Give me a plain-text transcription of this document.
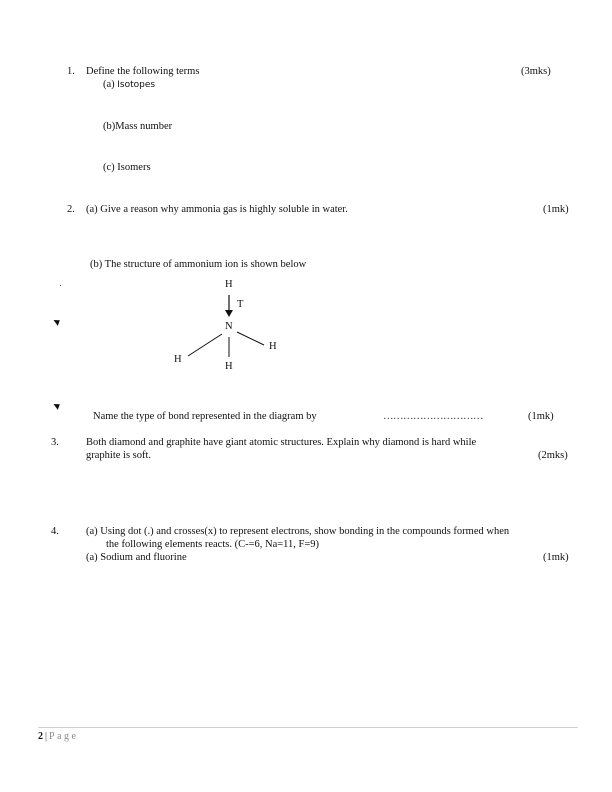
1. Define the following terms	(3mks)
(a) Isotopes
(b)Mass number
(c) Isomers
2. (a) Give a reason why ammonia gas is highly soluble in water.	(1mk)
(b) The structure of ammonium ion is shown below
H
T
N
H
H
H
Name the type of bond represented in the diagram by	…………………………	(1mk)
3.	Both diamond and graphite have giant atomic structures. Explain why diamond is hard while
graphite is soft.	(2mks)
4.	(a) Using dot (.) and crosses(x) to represent electrons, show bonding in the compounds formed when
the following elements reacts. (C-=6, Na=11, F=9)
(a) Sodium and fluorine	(1mk)
2 | Page
